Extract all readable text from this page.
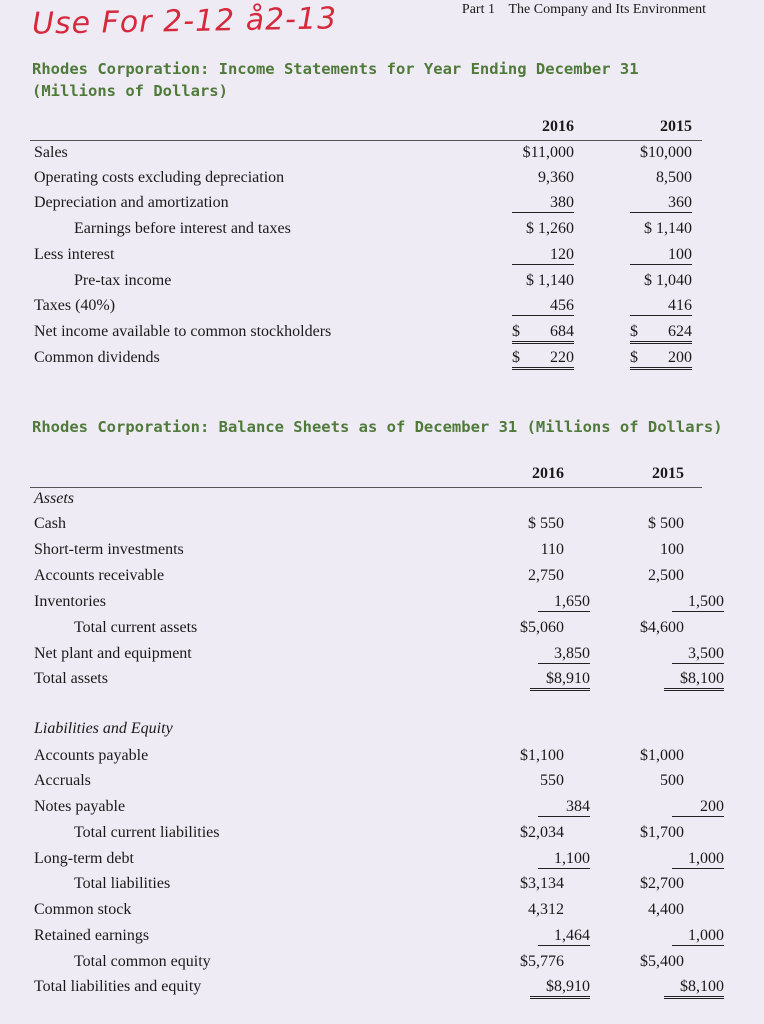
Use For 2-12 å2-13	Part 1 The Company and Its Environment
Rhodes Corporation: Income Statements for Year Ending December 31
(Millions of Dollars)
2016	2015
Sales	$11,000	$10,000
Operating costs excluding depreciation	9,360	8,500
Depreciation and amortization	380	360
Earnings before interest and taxes	$ 1,260	$ 1,140
Less interest	120	100
Pre-tax income	$ 1,140	$ 1,040
Taxes (40%)	456	416
Net income available to common stockholders	$ 684	$ 624
Common dividends	$ 220	$ 200
Rhodes Corporation: Balance Sheets as of December 31 (Millions of Dollars)
2016	2015
Assets
Cash	$ 550	$ 500
Short-term investments	110	100
Accounts receivable	2,750	2,500
Inventories	1,650	1,500
Total current assets	$5,060	$4,600
Net plant and equipment	3,850	3,500
Total assets	$8,910	$8,100
Liabilities and Equity
Accounts payable	$1,100	$1,000
Accruals	550	500
Notes payable	384	200
Total current liabilities	$2,034	$1,700
Long-term debt	1,100	1,000
Total liabilities	$3,134	$2,700
Common stock	4,312	4,400
Retained earnings	1,464	1,000
Total common equity	$5,776	$5,400
Total liabilities and equity	$8,910	$8,100
